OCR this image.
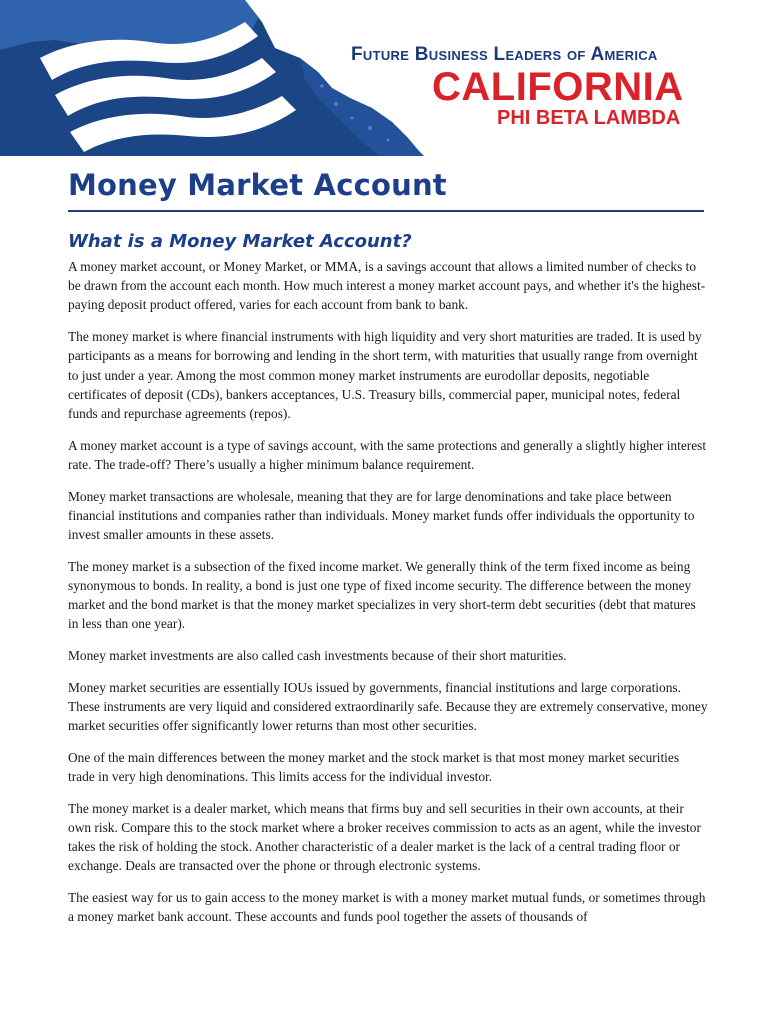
Future Business Leaders of America
CALIFORNIA
PHI BETA LAMBDA
Money Market Account
What is a Money Market Account?

A money market account, or Money Market, or MMA, is a savings account that allows a limited number of checks to be drawn from the account each month. How much interest a money market account pays, and whether it's the highest-paying deposit product offered, varies for each account from bank to bank.

The money market is where financial instruments with high liquidity and very short maturities are traded. It is used by participants as a means for borrowing and lending in the short term, with maturities that usually range from overnight to just under a year. Among the most common money market instruments are eurodollar deposits, negotiable certificates of deposit (CDs), bankers acceptances, U.S. Treasury bills, commercial paper, municipal notes, federal funds and repurchase agreements (repos).

A money market account is a type of savings account, with the same protections and generally a slightly higher interest rate. The trade-off? There’s usually a higher minimum balance requirement.

Money market transactions are wholesale, meaning that they are for large denominations and take place between financial institutions and companies rather than individuals. Money market funds offer individuals the opportunity to invest smaller amounts in these assets.

The money market is a subsection of the fixed income market. We generally think of the term fixed income as being synonymous to bonds. In reality, a bond is just one type of fixed income security. The difference between the money market and the bond market is that the money market specializes in very short-term debt securities (debt that matures in less than one year).

Money market investments are also called cash investments because of their short maturities.

Money market securities are essentially IOUs issued by governments, financial institutions and large corporations. These instruments are very liquid and considered extraordinarily safe. Because they are extremely conservative, money market securities offer significantly lower returns than most other securities.

One of the main differences between the money market and the stock market is that most money market securities trade in very high denominations. This limits access for the individual investor.

The money market is a dealer market, which means that firms buy and sell securities in their own accounts, at their own risk. Compare this to the stock market where a broker receives commission to acts as an agent, while the investor takes the risk of holding the stock. Another characteristic of a dealer market is the lack of a central trading floor or exchange. Deals are transacted over the phone or through electronic systems.

The easiest way for us to gain access to the money market is with a money market mutual funds, or sometimes through a money market bank account. These accounts and funds pool together the assets of thousands of
